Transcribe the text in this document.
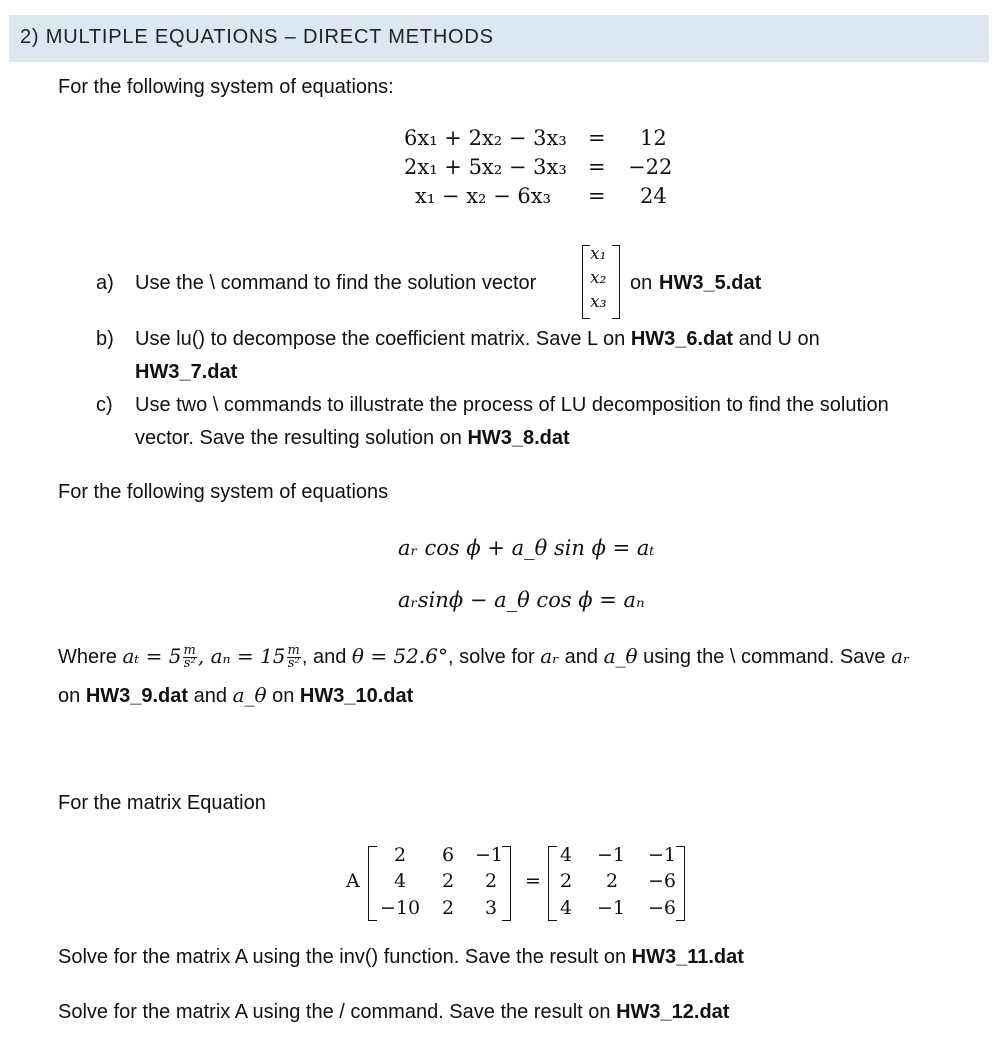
2) MULTIPLE EQUATIONS – DIRECT METHODS
For the following system of equations:
6x₁ + 2x₂ − 3x₃ = 12
2x₁ + 5x₂ − 3x₃ = −22
x₁ − x₂ − 6x₃ = 24
a) Use the \ command to find the solution vector
x₁
x₂
x₃
on HW3_5.dat
b) Use lu() to decompose the coefficient matrix. Save L on HW3_6.dat and U on
HW3_7.dat
c) Use two \ commands to illustrate the process of LU decomposition to find the solution
vector. Save the resulting solution on HW3_8.dat
For the following system of equations
aᵣ cos ϕ + a_θ sin ϕ = aₜ
aᵣsinϕ − a_θ cos ϕ = aₙ
Where $a_t = 5 \frac{m}{\text{s²}}$ , $a_n = 15 \frac{m}{\text{s²}}$ , and θ = 52.6°, solve for aᵣ and a_θ using the \ command. Save aᵣ
on HW3_9.dat and a_θ on HW3_10.dat
For the matrix Equation
A
2	6	−1
4	2	2
−10	2	3
=
4	−1 −1
2	2	−6
4	−1 −6
Solve for the matrix A using the inv() function. Save the result on HW3_11.dat
Solve for the matrix A using the / command. Save the result on HW3_12.dat
